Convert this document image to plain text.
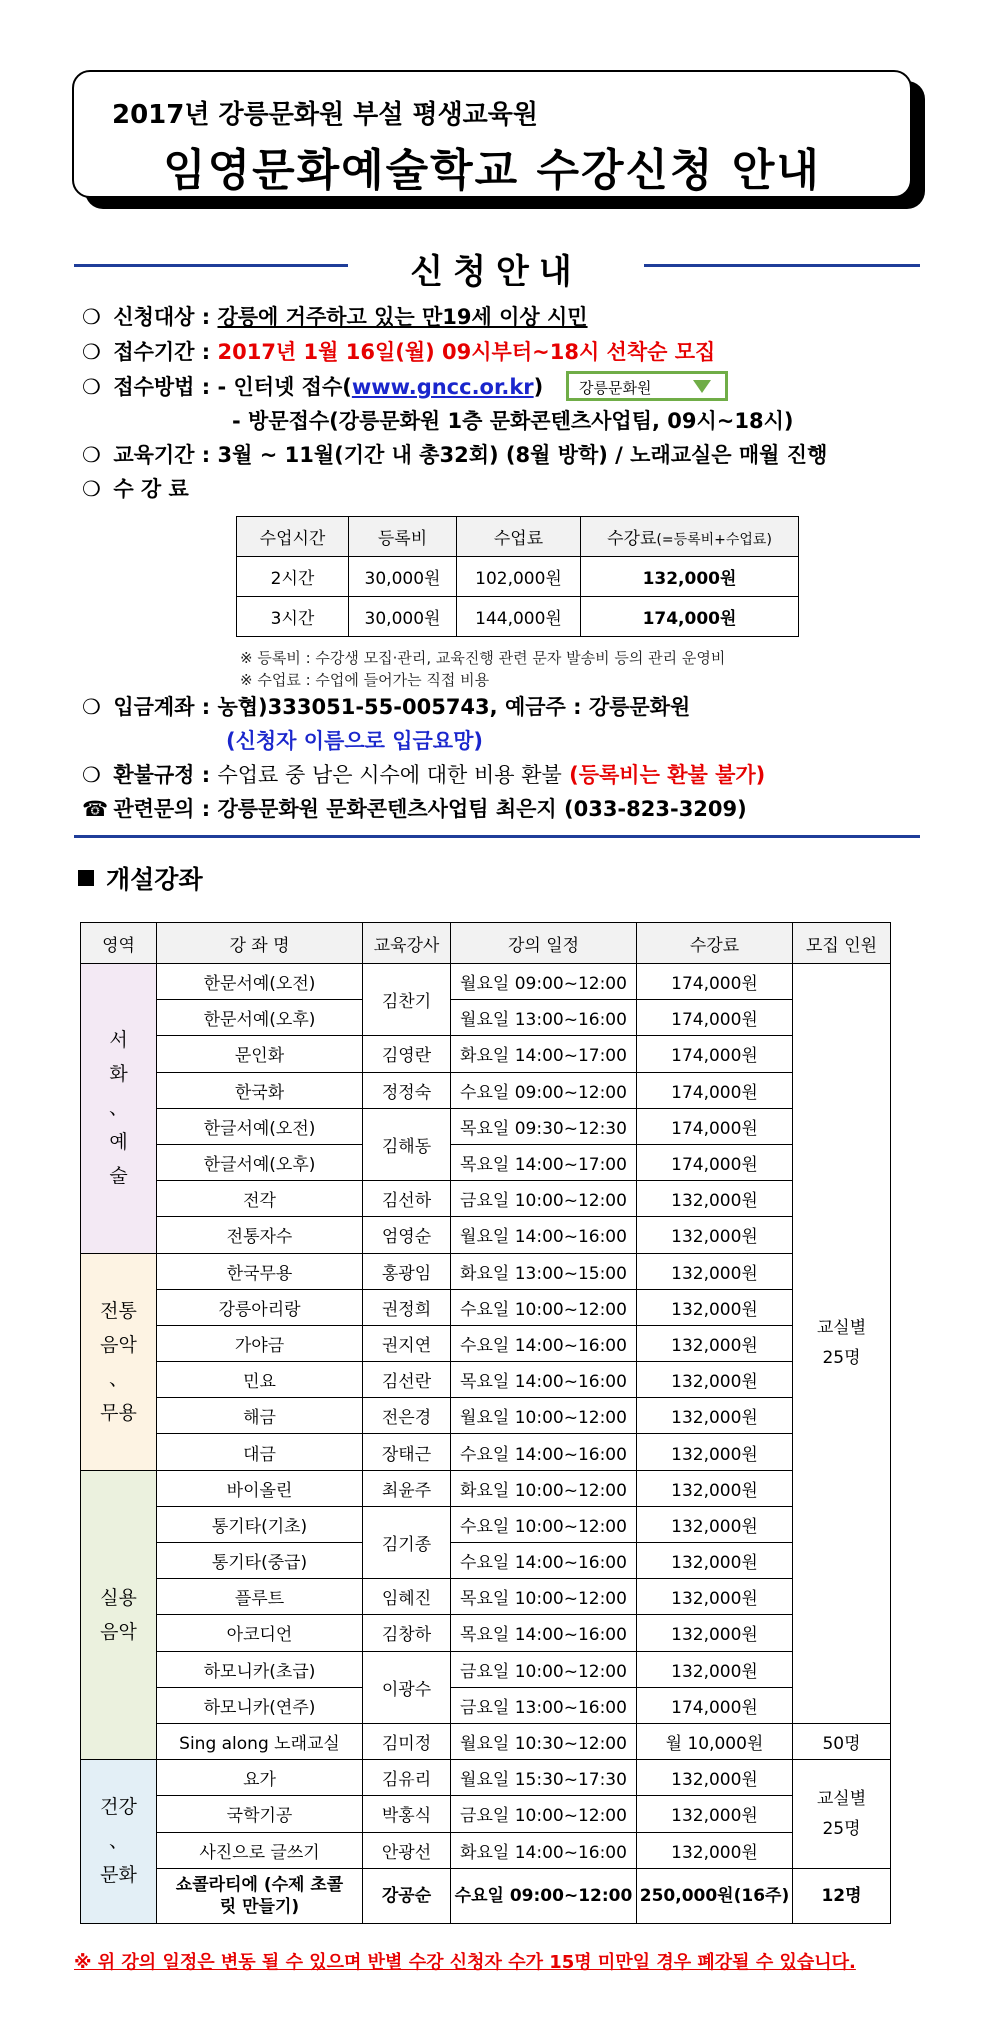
2017년 강릉문화원 부설 평생교육원
임영문화예술학교 수강신청 안내
신청안내
❍ 신청대상 : 강릉에 거주하고 있는 만19세 이상 시민
❍ 접수기간 : 2017년 1월 16일(월) 09시부터~18시 선착순 모집
❍ 접수방법 : - 인터넷 접수(www.gncc.or.kr)	강릉문화원
- 방문접수(강릉문화원 1층 문화콘텐츠사업팀, 09시~18시)
❍ 교육기간 : 3월 ~ 11월(기간 내 총32회) (8월 방학) / 노래교실은 매월 진행
❍ 수 강 료
수업시간	등록비	수업료	수강료(=등록비+수업료)
2시간	30,000원	102,000원	132,000원
3시간	30,000원	144,000원	174,000원
※ 등록비 : 수강생 모집·관리, 교육진행 관련 문자 발송비 등의 관리 운영비
※ 수업료 : 수업에 들어가는 직접 비용
❍ 입금계좌 : 농협)333051-55-005743, 예금주 : 강릉문화원
(신청자 이름으로 입금요망)
❍ 환불규정 : 수업료 중 남은 시수에 대한 비용 환불 (등록비는 환불 불가)
☎ 관련문의 : 강릉문화원 문화콘텐츠사업팀 최은지 (033-823-3209)
개설강좌
영역	강 좌 명	교육강사	강의 일정	수강료	모집 인원

서화 、 예술	한문서예(오전)	김찬기	월요일 09:00~12:00	174,000원	교실별 25명

	한문서예(오후)		월요일 13:00~16:00	174,000원	
	문인화	김영란	화요일 14:00~17:00	174,000원	
	한국화	정정숙	수요일 09:00~12:00	174,000원	
	한글서예(오전)	김해동	목요일 09:30~12:30	174,000원	
	한글서예(오후)		목요일 14:00~17:00	174,000원	
	전각	김선하	금요일 10:00~12:00	132,000원	
	전통자수	엄영순	월요일 14:00~16:00	132,000원	

전통 음악 、 무용	한국무용	홍광임	화요일 13:00~15:00	132,000원	
	강릉아리랑	권정희	수요일 10:00~12:00	132,000원	
	가야금	권지연	수요일 14:00~16:00	132,000원	
	민요	김선란	목요일 14:00~16:00	132,000원	
	해금	전은경	월요일 10:00~12:00	132,000원	
	대금	장태근	수요일 14:00~16:00	132,000원	

실용 음악	바이올린	최윤주	화요일 10:00~12:00	132,000원	
	통기타(기초)	김기종	수요일 10:00~12:00	132,000원	
	통기타(중급)		수요일 14:00~16:00	132,000원	
	플루트	임혜진	목요일 10:00~12:00	132,000원	
	아코디언	김창하	목요일 14:00~16:00	132,000원	
	하모니카(초급)	이광수	금요일 10:00~12:00	132,000원	
	하모니카(연주)		금요일 13:00~16:00	174,000원	
	Sing along 노래교실	김미정	월요일 10:30~12:00	월 10,000원	50명

건강 、 문화	요가	김유리	월요일 15:30~17:30	132,000원	교실별 25명

	국학기공	박홍식	금요일 10:00~12:00	132,000원	
	사진으로 글쓰기	안광선	화요일 14:00~16:00	132,000원	

	쇼콜라티에 (수제 초콜릿 만들기)	강공순	수요일 09:00~12:00	250,000원(16주)	12명
※ 위 강의 일정은 변동 될 수 있으며 반별 수강 신청자 수가 15명 미만일 경우 폐강될 수 있습니다.
